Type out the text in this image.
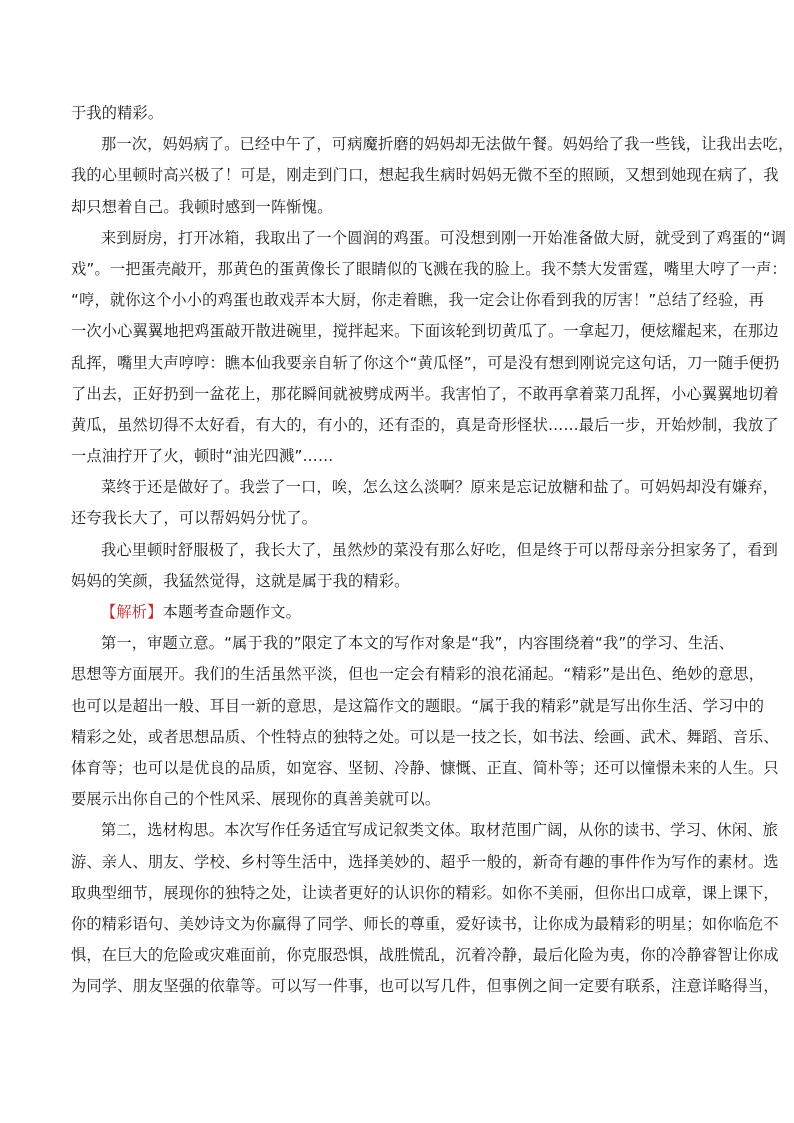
于我的精彩。
那一次，妈妈病了。已经中午了，可病魔折磨的妈妈却无法做午餐。妈妈给了我一些钱，让我出去吃，
我的心里顿时高兴极了！可是，刚走到门口，想起我生病时妈妈无微不至的照顾，又想到她现在病了，我
却只想着自己。我顿时感到一阵惭愧。
来到厨房，打开冰箱，我取出了一个圆润的鸡蛋。可没想到刚一开始准备做大厨，就受到了鸡蛋的“调
戏”。一把蛋壳敲开，那黄色的蛋黄像长了眼睛似的飞溅在我的脸上。我不禁大发雷霆，嘴里大哼了一声：
“哼，就你这个小小的鸡蛋也敢戏弄本大厨，你走着瞧，我一定会让你看到我的厉害！”总结了经验，再
一次小心翼翼地把鸡蛋敲开散进碗里，搅拌起来。下面该轮到切黄瓜了。一拿起刀，便炫耀起来，在那边
乱挥，嘴里大声哼哼：瞧本仙我要亲自斩了你这个“黄瓜怪”，可是没有想到刚说完这句话，刀一随手便扔
了出去，正好扔到一盆花上，那花瞬间就被劈成两半。我害怕了，不敢再拿着菜刀乱挥，小心翼翼地切着
黄瓜，虽然切得不太好看，有大的，有小的，还有歪的，真是奇形怪状……最后一步，开始炒制，我放了
一点油拧开了火，顿时“油光四溅”……
菜终于还是做好了。我尝了一口，唉，怎么这么淡啊？原来是忘记放糖和盐了。可妈妈却没有嫌弃，
还夸我长大了，可以帮妈妈分忧了。
我心里顿时舒服极了，我长大了，虽然炒的菜没有那么好吃，但是终于可以帮母亲分担家务了，看到
妈妈的笑颜，我猛然觉得，这就是属于我的精彩。
【解析】本题考查命题作文。
第一，审题立意。“属于我的”限定了本文的写作对象是“我”，内容围绕着“我”的学习、生活、
思想等方面展开。我们的生活虽然平淡，但也一定会有精彩的浪花涌起。“精彩”是出色、绝妙的意思，
也可以是超出一般、耳目一新的意思，是这篇作文的题眼。“属于我的精彩”就是写出你生活、学习中的
精彩之处，或者思想品质、个性特点的独特之处。可以是一技之长，如书法、绘画、武术、舞蹈、音乐、
体育等；也可以是优良的品质，如宽容、坚韧、冷静、慷慨、正直、简朴等；还可以憧憬未来的人生。只
要展示出你自己的个性风采、展现你的真善美就可以。
第二，选材构思。本次写作任务适宜写成记叙类文体。取材范围广阔，从你的读书、学习、休闲、旅
游、亲人、朋友、学校、乡村等生活中，选择美妙的、超乎一般的，新奇有趣的事件作为写作的素材。选
取典型细节，展现你的独特之处，让读者更好的认识你的精彩。如你不美丽，但你出口成章，课上课下，
你的精彩语句、美妙诗文为你赢得了同学、师长的尊重，爱好读书，让你成为最精彩的明星；如你临危不
惧，在巨大的危险或灾难面前，你克服恐惧，战胜慌乱，沉着冷静，最后化险为夷，你的冷静睿智让你成
为同学、朋友坚强的依靠等。可以写一件事，也可以写几件，但事例之间一定要有联系，注意详略得当，
